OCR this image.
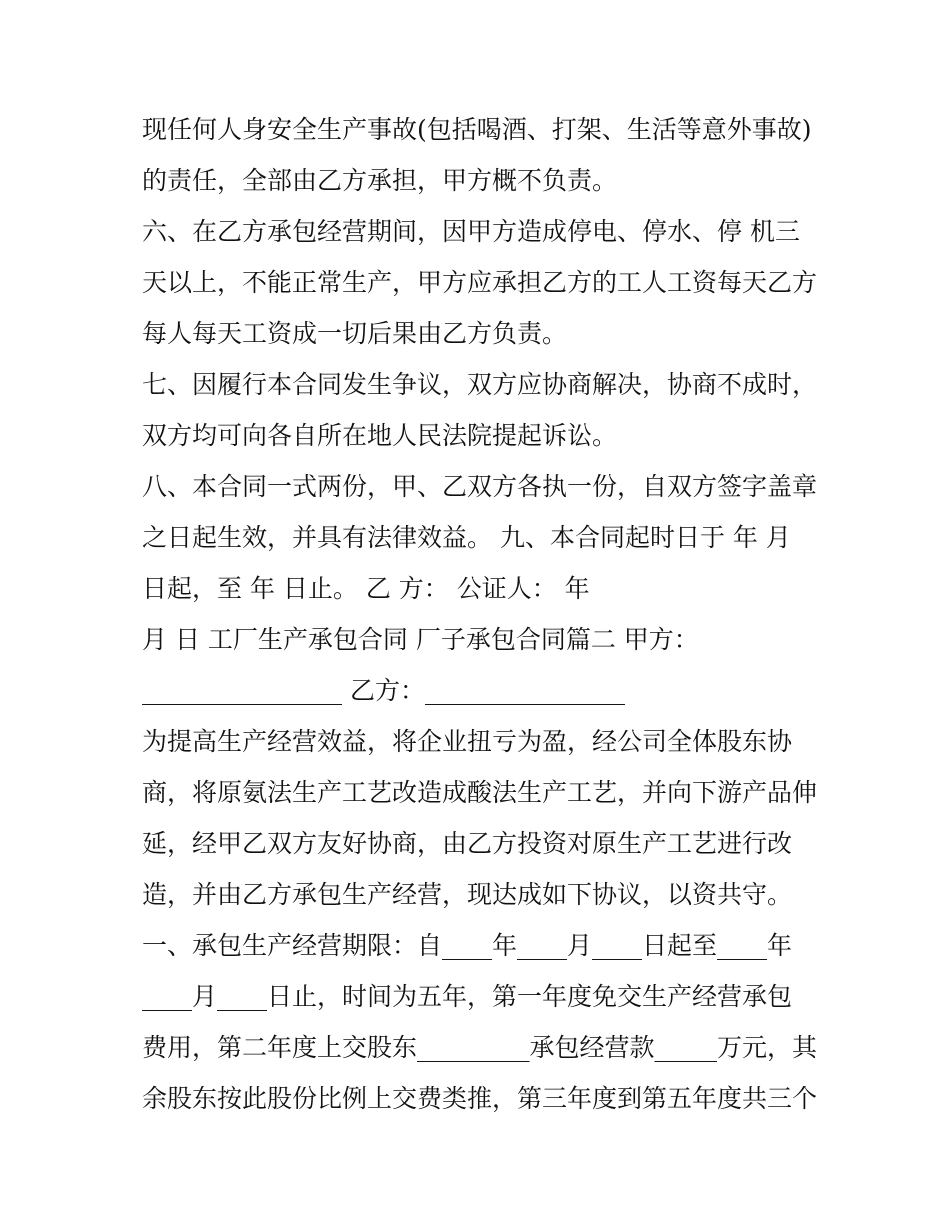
现任何人身安全生产事故(包括喝酒、打架、生活等意外事故)
的责任，全部由乙方承担，甲方概不负责。
六、在乙方承包经营期间，因甲方造成停电、停水、停 机三
天以上，不能正常生产，甲方应承担乙方的工人工资每天乙方
每人每天工资成一切后果由乙方负责。
七、因履行本合同发生争议，双方应协商解决，协商不成时，
双方均可向各自所在地人民法院提起诉讼。
八、本合同一式两份，甲、乙双方各执一份，自双方签字盖章
之日起生效，并具有法律效益。 九、本合同起时日于 年 月
日起，至 年 日止。 乙 方： 公证人： 年
月 日 工厂生产承包合同 厂子承包合同篇二 甲方：
________________ 乙方：________________
为提高生产经营效益，将企业扭亏为盈，经公司全体股东协
商，将原氨法生产工艺改造成酸法生产工艺，并向下游产品伸
延，经甲乙双方友好协商，由乙方投资对原生产工艺进行改
造，并由乙方承包生产经营，现达成如下协议，以资共守。
一、承包生产经营期限：自____年____月____日起至____年
____月____日止，时间为五年，第一年度免交生产经营承包
费用，第二年度上交股东_________承包经营款_____万元，其
余股东按此股份比例上交费类推，第三年度到第五年度共三个
